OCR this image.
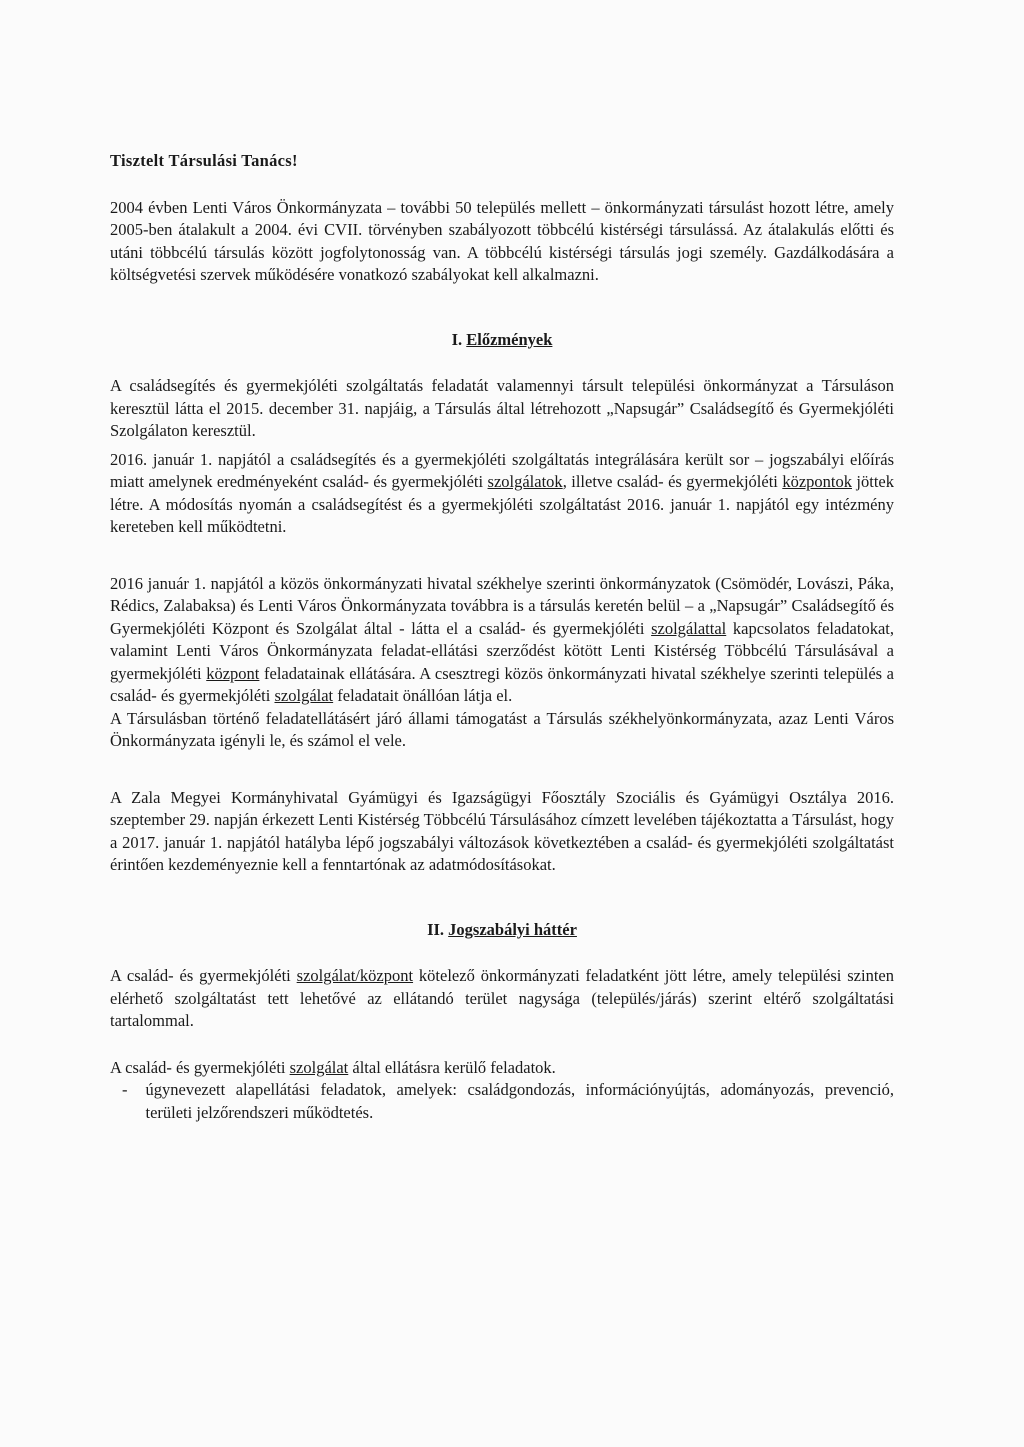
Tisztelt Társulási Tanács!

2004 évben Lenti Város Önkormányzata – további 50 település mellett – önkormányzati társulást hozott létre, amely 2005-ben átalakult a 2004. évi CVII. törvényben szabályozott többcélú kistérségi társulássá. Az átalakulás előtti és utáni többcélú társulás között jogfolytonosság van. A többcélú kistérségi társulás jogi személy. Gazdálkodására a költségvetési szervek működésére vonatkozó szabályokat kell alkalmazni.

I. Előzmények

A családsegítés és gyermekjóléti szolgáltatás feladatát valamennyi társult települési önkormányzat a Társuláson keresztül látta el 2015. december 31. napjáig, a Társulás által létrehozott „Napsugár” Családsegítő és Gyermekjóléti Szolgálaton keresztül.

2016. január 1. napjától a családsegítés és a gyermekjóléti szolgáltatás integrálására került sor – jogszabályi előírás miatt amelynek eredményeként család- és gyermekjóléti szolgálatok, illetve család- és gyermekjóléti központok jöttek létre. A módosítás nyomán a családsegítést és a gyermekjóléti szolgáltatást 2016. január 1. napjától egy intézmény kereteben kell működtetni.

2016 január 1. napjától a közös önkormányzati hivatal székhelye szerinti önkormányzatok (Csömödér, Lovászi, Páka, Rédics, Zalabaksa) és Lenti Város Önkormányzata továbbra is a társulás keretén belül – a „Napsugár” Családsegítő és Gyermekjóléti Központ és Szolgálat által - látta el a család- és gyermekjóléti szolgálattal kapcsolatos feladatokat, valamint Lenti Város Önkormányzata feladat-ellátási szerződést kötött Lenti Kistérség Többcélú Társulásával a gyermekjóléti központ feladatainak ellátására. A csesztregi közös önkormányzati hivatal székhelye szerinti település a család- és gyermekjóléti szolgálat feladatait önállóan látja el.

A Társulásban történő feladatellátásért járó állami támogatást a Társulás székhelyönkormányzata, azaz Lenti Város Önkormányzata igényli le, és számol el vele.

A Zala Megyei Kormányhivatal Gyámügyi és Igazságügyi Főosztály Szociális és Gyámügyi Osztálya 2016. szeptember 29. napján érkezett Lenti Kistérség Többcélú Társulásához címzett levelében tájékoztatta a Társulást, hogy a 2017. január 1. napjától hatályba lépő jogszabályi változások következtében a család- és gyermekjóléti szolgáltatást érintően kezdeményeznie kell a fenntartónak az adatmódosításokat.

II. Jogszabályi háttér

A család- és gyermekjóléti szolgálat/központ kötelező önkormányzati feladatként jött létre, amely települési szinten elérhető szolgáltatást tett lehetővé az ellátandó terület nagysága (település/járás) szerint eltérő szolgáltatási tartalommal.

A család- és gyermekjóléti szolgálat által ellátásra kerülő feladatok.

- úgynevezett alapellátási feladatok, amelyek: családgondozás, információnyújtás, adományozás, prevenció, területi jelzőrendszeri működtetés.
